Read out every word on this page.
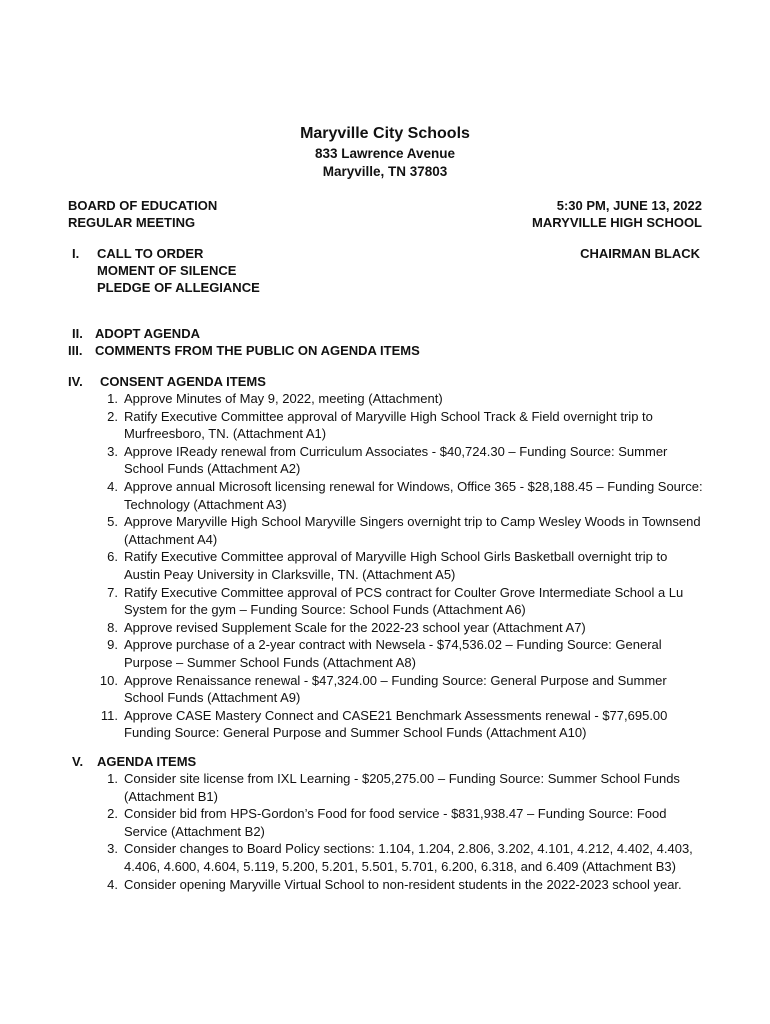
Maryville City Schools
833 Lawrence Avenue
Maryville, TN 37803
BOARD OF EDUCATION
REGULAR MEETING
5:30 PM, JUNE 13, 2022
MARYVILLE HIGH SCHOOL
I. CALL TO ORDER
MOMENT OF SILENCE
PLEDGE OF ALLEGIANCE
CHAIRMAN BLACK
II. ADOPT AGENDA
III. COMMENTS FROM THE PUBLIC ON AGENDA ITEMS
IV. CONSENT AGENDA ITEMS
1. Approve Minutes of May 9, 2022, meeting (Attachment)
2. Ratify Executive Committee approval of Maryville High School Track & Field overnight trip to Murfreesboro, TN. (Attachment A1)
3. Approve IReady renewal from Curriculum Associates - $40,724.30 – Funding Source: Summer School Funds (Attachment A2)
4. Approve annual Microsoft licensing renewal for Windows, Office 365 - $28,188.45 – Funding Source: Technology (Attachment A3)
5. Approve Maryville High School Maryville Singers overnight trip to Camp Wesley Woods in Townsend (Attachment A4)
6. Ratify Executive Committee approval of Maryville High School Girls Basketball overnight trip to Austin Peay University in Clarksville, TN. (Attachment A5)
7. Ratify Executive Committee approval of PCS contract for Coulter Grove Intermediate School a Lu System for the gym – Funding Source: School Funds (Attachment A6)
8. Approve revised Supplement Scale for the 2022-23 school year (Attachment A7)
9. Approve purchase of a 2-year contract with Newsela - $74,536.02 – Funding Source: General Purpose – Summer School Funds (Attachment A8)
10. Approve Renaissance renewal - $47,324.00 – Funding Source: General Purpose and Summer School Funds (Attachment A9)
11. Approve CASE Mastery Connect and CASE21 Benchmark Assessments renewal - $77,695.00 Funding Source: General Purpose and Summer School Funds (Attachment A10)
V. AGENDA ITEMS
1. Consider site license from IXL Learning - $205,275.00 – Funding Source: Summer School Funds (Attachment B1)
2. Consider bid from HPS-Gordon’s Food for food service - $831,938.47 – Funding Source: Food Service (Attachment B2)
3. Consider changes to Board Policy sections: 1.104, 1.204, 2.806, 3.202, 4.101, 4.212, 4.402, 4.403, 4.406, 4.600, 4.604, 5.119, 5.200, 5.201, 5.501, 5.701, 6.200, 6.318, and 6.409 (Attachment B3)
4. Consider opening Maryville Virtual School to non-resident students in the 2022-2023 school year.
